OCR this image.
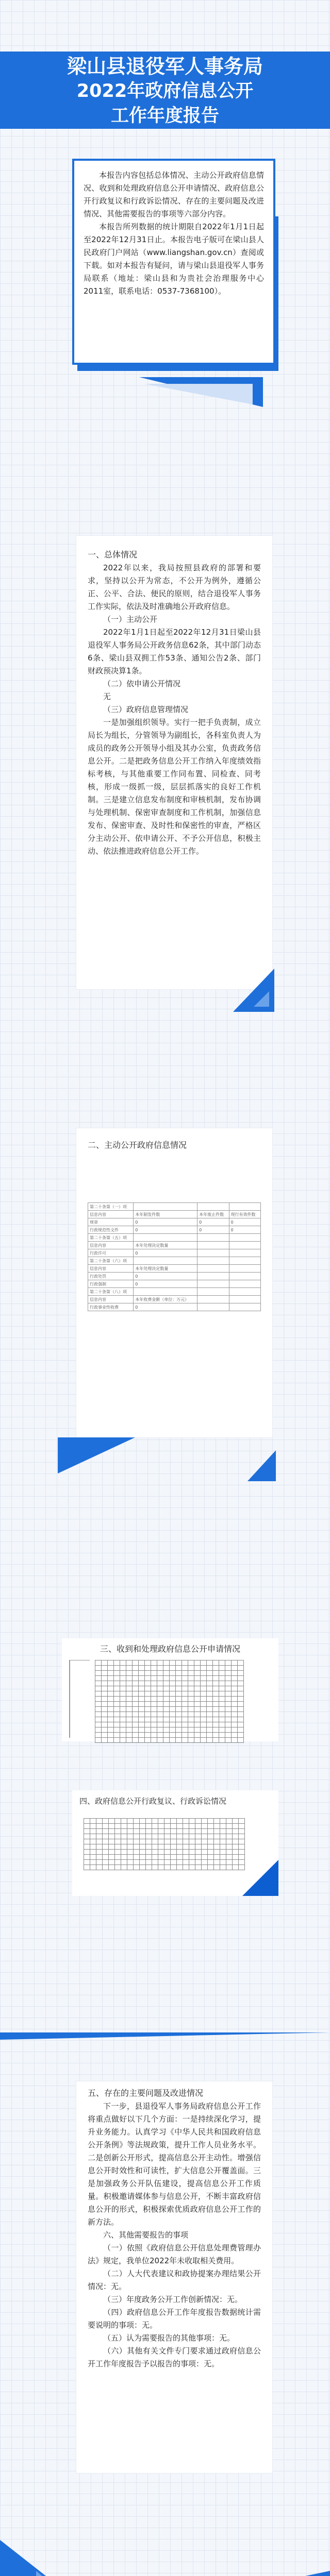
梁山县退役军人事务局
2022年政府信息公开
工作年度报告

本报告内容包括总体情况、主动公开政府信息情况、收到和处理政府信息公开申请情况、政府信息公开行政复议和行政诉讼情况、存在的主要问题及改进情况、其他需要报告的事项等六部分内容。

本报告所列数据的统计期限自2022年1月1日起至2022年12月31日止。本报告电子版可在梁山县人民政府门户网站（www.liangshan.gov.cn）查阅或下载。如对本报告有疑问，请与梁山县退役军人事务局联系（地址：梁山县和为贵社会治理服务中心2011室，联系电话：0537-7368100）。

一、总体情况

2022年以来，我局按照县政府的部署和要求，坚持以公开为常态，不公开为例外，遵循公正、公平、合法、便民的原则，结合退役军人事务工作实际，依法及时准确地公开政府信息。

（一）主动公开

2022年1月1日起至2022年12月31日梁山县退役军人事务局公开政务信息62条，其中部门动态6条、梁山县双拥工作53条、通知公告2条、部门财政预决算1条。

（二）依申请公开情况

无

（三）政府信息管理情况

一是加强组织领导。实行一把手负责制，成立局长为组长，分管领导为副组长，各科室负责人为成员的政务公开领导小组及其办公室，负责政务信息公开。二是把政务信息公开工作纳入年度绩效指标考核，与其他重要工作同布置、同检查、同考核，形成一级抓一级，层层抓落实的良好工作机制。三是建立信息发布制度和审核机制，发布协调与处理机制、保密审查制度和工作机制，加强信息发布、保密审查、及时性和保密性的审查，严格区分主动公开、依申请公开、不予公开信息，积极主动、依法推进政府信息公开工作。

二、主动公开政府信息情况
第二十条第（一）项			
信息内容	本年制发件数	本年废止件数	现行有效件数
规章	0	0	0
行政规范性文件	0	0	0
第二十条第（五）项			
信息内容	本年处理决定数量		
行政许可	0		
第二十条第（六）项			
信息内容	本年处理决定数量		
行政处罚	0		
行政强制	0		
第二十条第（八）项			
信息内容	本年收费金额（单位：万元）		
行政事业性收费	0		
三、收到和处理政府信息公开申请情况

四、政府信息公开行政复议、行政诉讼情况

五、存在的主要问题及改进情况

下一步，县退役军人事务局政府信息公开工作将重点做好以下几个方面：一是持续深化学习，提升业务能力。认真学习《中华人民共和国政府信息公开条例》等法规政策，提升工作人员业务水平。二是创新公开形式，提高信息公开主动性。增强信息公开时效性和可读性，扩大信息公开覆盖面。三是加强政务公开队伍建设，提高信息公开工作质量。积极邀请媒体参与信息公开，不断丰富政府信息公开的形式，积极探索优质政府信息公开工作的新方法。

六、其他需要报告的事项

（一）依照《政府信息公开信息处理费管理办法》规定，我单位2022年未收取相关费用。

（二）人大代表建议和政协提案办理结果公开情况：无。

（三）年度政务公开工作创新情况：无。

（四）政府信息公开工作年度报告数据统计需要说明的事项：无。

（五）认为需要报告的其他事项：无。

（六）其他有关文件专门要求通过政府信息公开工作年度报告予以报告的事项：无。
